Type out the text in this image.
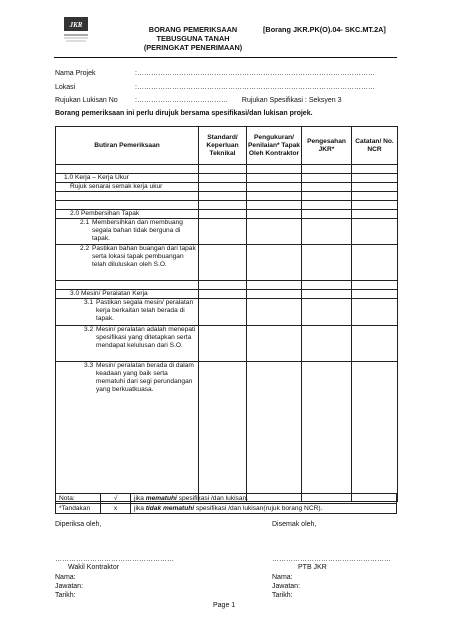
JKR	BORANG PEMERIKSAAN
TEBUSGUNA TANAH
(PERINGKAT PENERIMAAN)
[Borang JKR.PK(O).04- SKC.MT.2A]
Nama Projek	:…………………………………………………………………………………………
Lokasi	:…………………………………………………………………………………………
Rujukan Lukisan No :………………………………… Rujukan Spesifikasi : Seksyen 3
Borang pemeriksaan ini perlu dirujuk bersama spesifikasi/dan lukisan projek.
Butiran Pemeriksaan	Standard/ Keperluan Teknikal	Pengukuran/ Penilaian* Tapak Oleh Kontraktor	Pengesahan JKR*	Catatan/ No. NCR

1.0 Kerja – Kerja Ukur				
Rujuk senarai semak kerja ukur				

2.0 Pembersihan Tapak				

2.1 Membersihkan dan membuang segala bahan tidak berguna di tapak.				

2.2 Pastikan bahan buangan dari tapak serta lokasi tapak pembuangan telah diluluskan oleh S.O.				

3.0 Mesin/ Peralatan Kerja				

3.1 Pastikan segala mesin/ peralatan kerja berkaitan telah berada di tapak.				

3.2 Mesin/ peralatan adalah menepati spesifikasi yang ditetapkan serta mendapat kelulusan dari S.O.				

3.3 Mesin/ peralatan berada di dalam keadaan yang baik serta mematuhi dari segi perundangan yang berkuatkuasa.				

Nota:	√	jika mematuhi spesifikasi /dan lukisan.
*Tandakan	x	jika tidak mematuhi spesifikasi /dan lukisan(rujuk borang NCR).
Diperiksa oleh,	Disemak oleh,
……………………………………………	……………………………………………
Wakil Kontraktor	PTB JKR
Nama:
Jawatan:
Tarikh:
Nama:
Jawatan:
Tarikh:
Page 1
